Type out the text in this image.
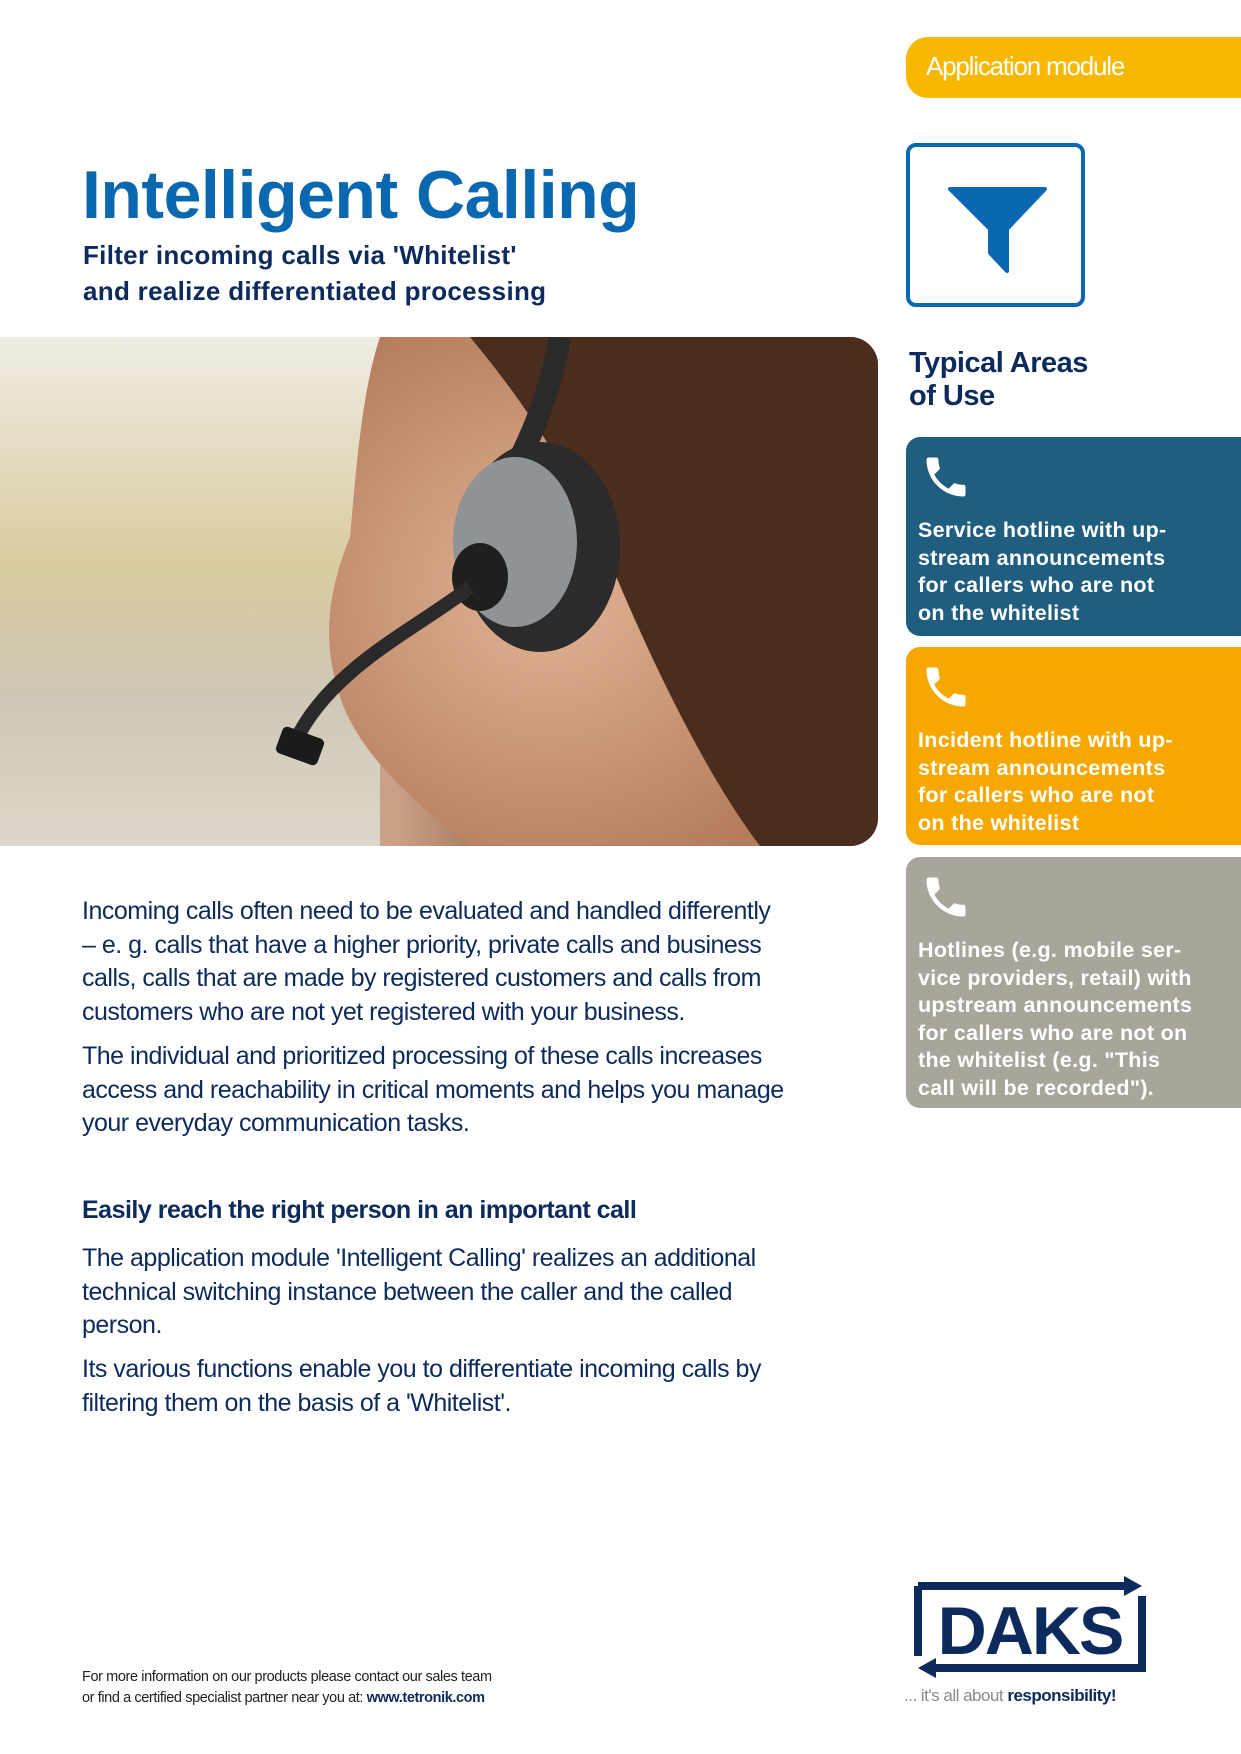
Application module
Intelligent Calling
Filter incoming calls via 'Whitelist'
and realize differentiated processing
Typical Areas
of Use
Service hotline with up-
stream announcements
for callers who are not
on the whitelist
Incident hotline with up-
stream announcements
for callers who are not
on the whitelist
Hotlines (e.g. mobile ser-
vice providers, retail) with
upstream announcements
for callers who are not on
the whitelist (e.g. "This
call will be recorded").

Incoming calls often need to be evaluated and handled differently
– e. g. calls that have a higher priority, private calls and business
calls, calls that are made by registered customers and calls from
customers who are not yet registered with your business.

The individual and prioritized processing of these calls increases
access and reachability in critical moments and helps you manage
your everyday communication tasks.

Easily reach the right person in an important call

The application module 'Intelligent Calling' realizes an additional
technical switching instance between the caller and the called
person.

Its various functions enable you to differentiate incoming calls by
filtering them on the basis of a 'Whitelist'.

For more information on our products please contact our sales team
or find a certified specialist partner near you at: www.tetronik.com
DAKS
... it's all about responsibility!
